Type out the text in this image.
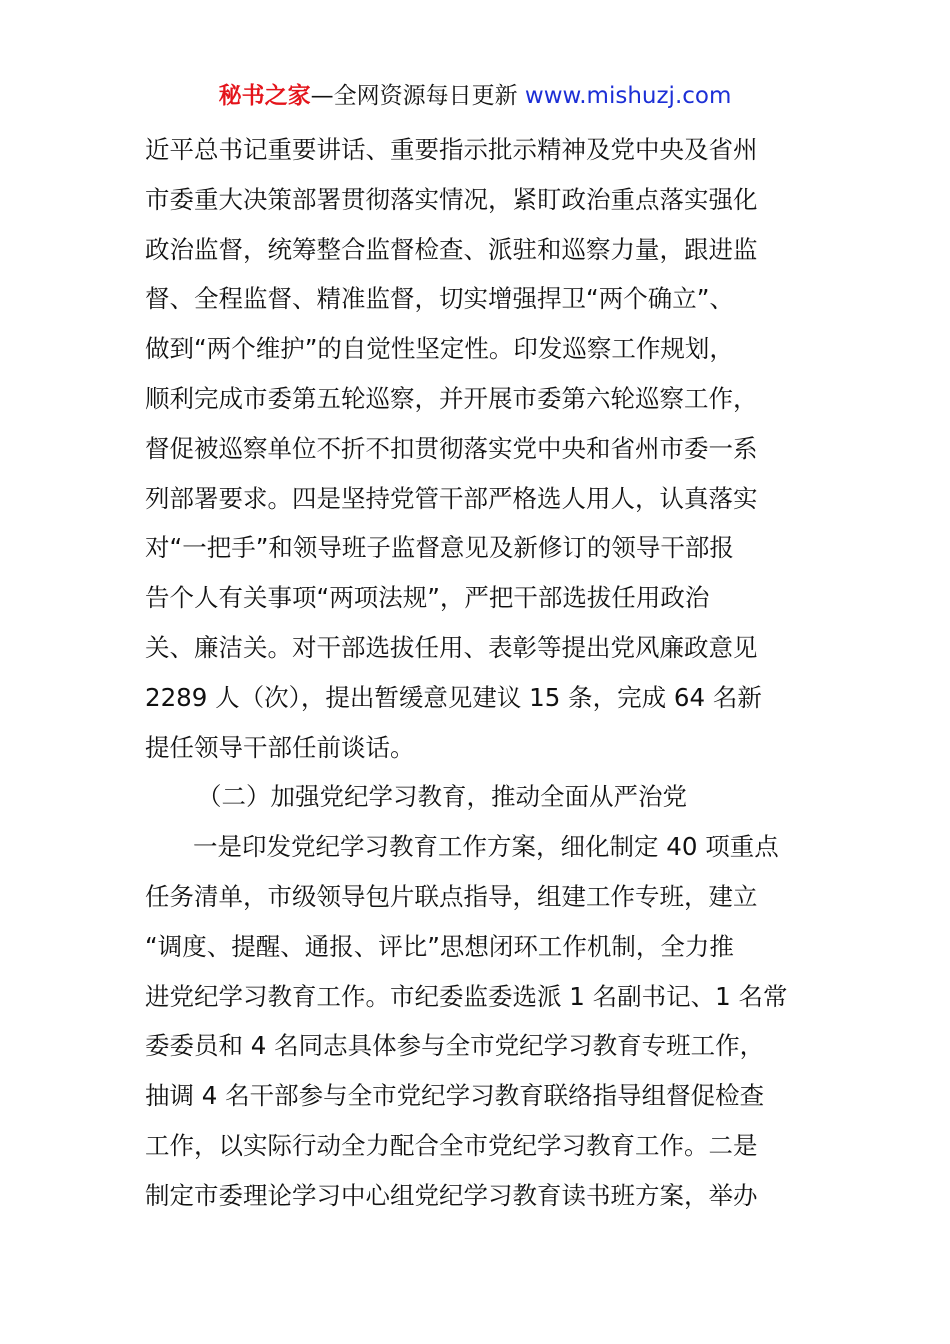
秘书之家—全网资源每日更新 www.mishuzj.com
近平总书记重要讲话、重要指示批示精神及党中央及省州
市委重大决策部署贯彻落实情况，紧盯政治重点落实强化
政治监督，统筹整合监督检查、派驻和巡察力量，跟进监
督、全程监督、精准监督，切实增强捍卫“两个确立”、
做到“两个维护”的自觉性坚定性。印发巡察工作规划，
顺利完成市委第五轮巡察，并开展市委第六轮巡察工作，
督促被巡察单位不折不扣贯彻落实党中央和省州市委一系
列部署要求。四是坚持党管干部严格选人用人，认真落实
对“一把手”和领导班子监督意见及新修订的领导干部报
告个人有关事项“两项法规”，严把干部选拔任用政治
关、廉洁关。对干部选拔任用、表彰等提出党风廉政意见
2289 人（次），提出暂缓意见建议 15 条，完成 64 名新
提任领导干部任前谈话。
（二）加强党纪学习教育，推动全面从严治党
一是印发党纪学习教育工作方案，细化制定 40 项重点
任务清单，市级领导包片联点指导，组建工作专班，建立
“调度、提醒、通报、评比”思想闭环工作机制，全力推
进党纪学习教育工作。市纪委监委选派 1 名副书记、1 名常
委委员和 4 名同志具体参与全市党纪学习教育专班工作，
抽调 4 名干部参与全市党纪学习教育联络指导组督促检查
工作，以实际行动全力配合全市党纪学习教育工作。二是
制定市委理论学习中心组党纪学习教育读书班方案，举办
